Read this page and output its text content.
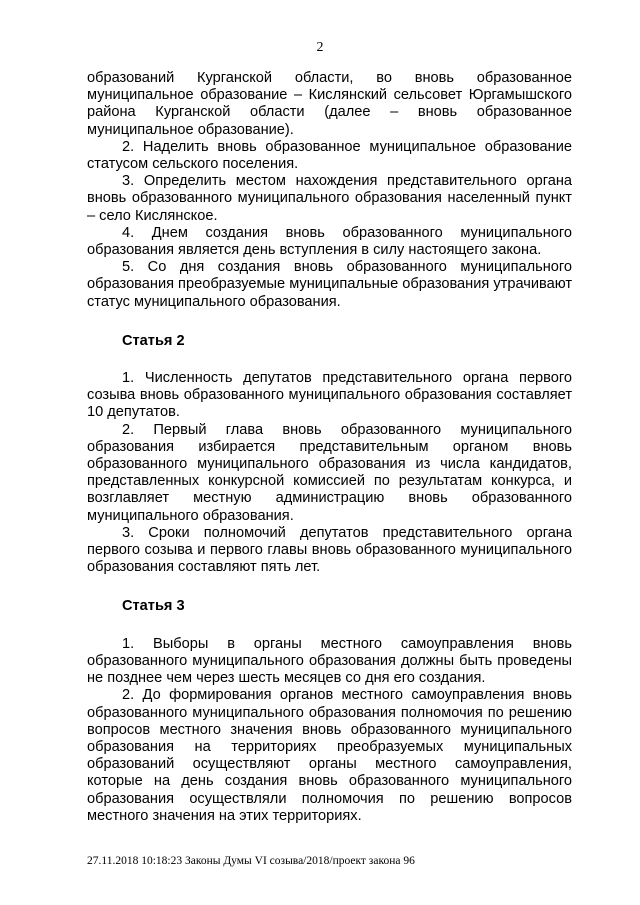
2

образований Курганской области, во вновь образованное муниципальное образование – Кислянский сельсовет Юргамышского района Курганской области (далее – вновь образованное муниципальное образование).

2. Наделить вновь образованное муниципальное образование статусом сельского поселения.

3. Определить местом нахождения представительного органа вновь образованного муниципального образования населенный пункт – село Кислянское.

4. Днем создания вновь образованного муниципального образования является день вступления в силу настоящего закона.

5. Со дня создания вновь образованного муниципального образования преобразуемые муниципальные образования утрачивают статус муниципального образования.

Статья 2

1. Численность депутатов представительного органа первого созыва вновь образованного муниципального образования составляет 10 депутатов.

2. Первый глава вновь образованного муниципального образования избирается представительным органом вновь образованного муниципального образования из числа кандидатов, представленных конкурсной комиссией по результатам конкурса, и возглавляет местную администрацию вновь образованного муниципального образования.

3. Сроки полномочий депутатов представительного органа первого созыва и первого главы вновь образованного муниципального образования составляют пять лет.

Статья 3

1. Выборы в органы местного самоуправления вновь образованного муниципального образования должны быть проведены не позднее чем через шесть месяцев со дня его создания.

2. До формирования органов местного самоуправления вновь образованного муниципального образования полномочия по решению вопросов местного значения вновь образованного муниципального образования на территориях преобразуемых муниципальных образований осуществляют органы местного самоуправления, которые на день создания вновь образованного муниципального образования осуществляли полномочия по решению вопросов местного значения на этих территориях.

27.11.2018 10:18:23 Законы Думы VI созыва/2018/проект закона 96
